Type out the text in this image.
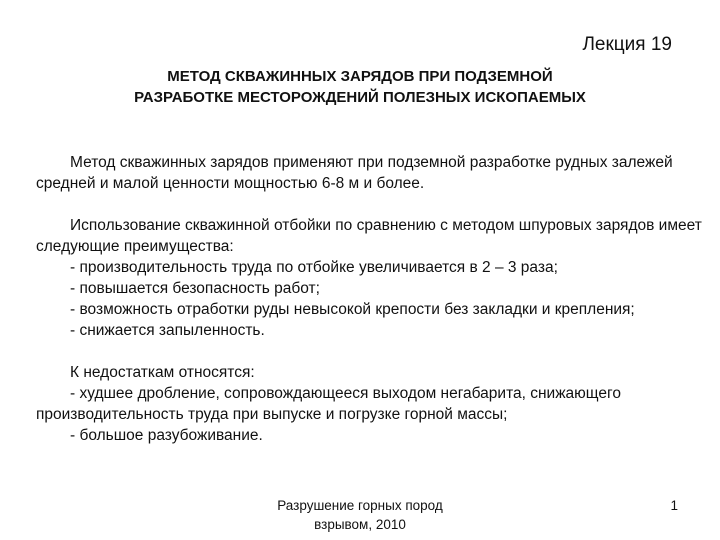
Лекция 19
МЕТОД СКВАЖИННЫХ ЗАРЯДОВ ПРИ ПОДЗЕМНОЙ
РАЗРАБОТКЕ МЕСТОРОЖДЕНИЙ ПОЛЕЗНЫХ ИСКОПАЕМЫХ

Метод скважинных зарядов применяют при подземной разработке рудных залежей средней и малой ценности мощностью 6-8 м и более.

Использование скважинной отбойки по сравнению с методом шпуровых зарядов имеет следующие преимущества:

- производительность труда по отбойке увеличивается в 2 – 3 раза;

- повышается безопасность работ;

- возможность отработки руды невысокой крепости без закладки и крепления;

- снижается запыленность.

К недостаткам относятся:

- худшее дробление, сопровождающееся выходом негабарита, снижающего производительность труда при выпуске и погрузке горной массы;

- большое разубоживание.

Разрушение горных пород
взрывом, 2010
1
